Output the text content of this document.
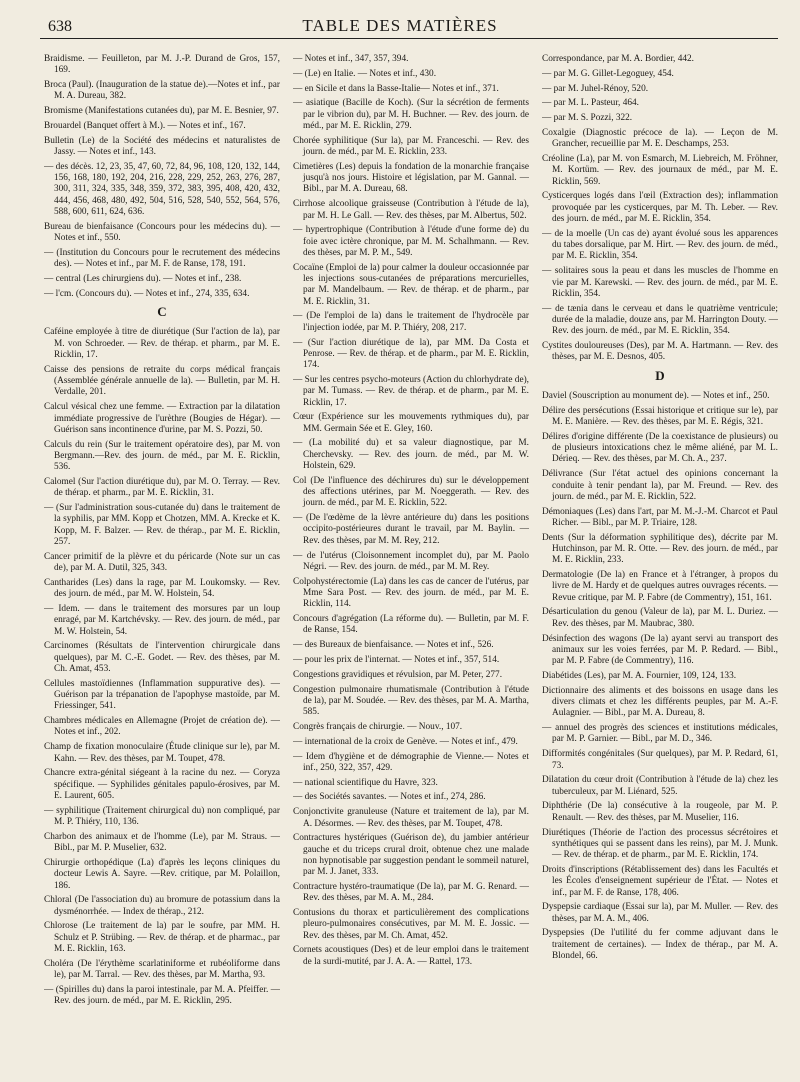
638	TABLE DES MATIÈRES
Braidisme. — Feuilleton, par M. J.-P. Durand de Gros, 157, 169.
Broca (Paul). (Inauguration de la statue de).—Notes et inf., par M. A. Dureau, 382.
Bromisme (Manifestations cutanées du), par M. E. Besnier, 97.
Brouardel (Banquet offert à M.). — Notes et inf., 167.
Bulletin (Le) de la Société des médecins et naturalistes de Jassy. — Notes et inf., 143.
— des décès. 12, 23, 35, 47, 60, 72, 84, 96, 108, 120, 132, 144, 156, 168, 180, 192, 204, 216, 228, 229, 252, 263, 276, 287, 300, 311, 324, 335, 348, 359, 372, 383, 395, 408, 420, 432, 444, 456, 468, 480, 492, 504, 516, 528, 540, 552, 564, 576, 588, 600, 611, 624, 636.
Bureau de bienfaisance (Concours pour les médecins du). — Notes et inf., 550.
— (Institution du Concours pour le recrutement des médecins des). — Notes et inf., par M. F. de Ranse, 178, 191.
— central (Les chirurgiens du). — Notes et inf., 238.
— l'cm. (Concours du). — Notes et inf., 274, 335, 634.
C
Caféine employée à titre de diurétique (Sur l'action de la), par M. von Schroeder. — Rev. de thérap. et pharm., par M. E. Ricklin, 17.
Caisse des pensions de retraite du corps médical français (Assemblée générale annuelle de la). — Bulletin, par M. H. Verdalle, 201.
Calcul vésical chez une femme. — Extraction par la dilatation immédiate progressive de l'urèthre (Bougies de Hégar). — Guérison sans incontinence d'urine, par M. S. Pozzi, 50.
Calculs du rein (Sur le traitement opératoire des), par M. von Bergmann.—Rev. des journ. de méd., par M. E. Ricklin, 536.
Calomel (Sur l'action diurétique du), par M. O. Terray. — Rev. de thérap. et pharm., par M. E. Ricklin, 31.
— (Sur l'administration sous-cutanée du) dans le traitement de la syphilis, par MM. Kopp et Chotzen, MM. A. Krecke et K. Kopp, M. F. Balzer. — Rev. de thérap., par M. E. Ricklin, 257.
Cancer primitif de la plèvre et du péricarde (Note sur un cas de), par M. A. Dutil, 325, 343.
Cantharides (Les) dans la rage, par M. Loukomsky. — Rev. des journ. de méd., par M. W. Holstein, 54.
— Idem. — dans le traitement des morsures par un loup enragé, par M. Kartchévsky. — Rev. des journ. de méd., par M. W. Holstein, 54.
Carcinomes (Résultats de l'intervention chirurgicale dans quelques), par M. C.-E. Godet. — Rev. des thèses, par M. Ch. Amat, 453.
Cellules mastoïdiennes (Inflammation suppurative des). — Guérison par la trépanation de l'apophyse mastoïde, par M. Friessinger, 541.
Chambres médicales en Allemagne (Projet de création de). — Notes et inf., 202.
Champ de fixation monoculaire (Étude clinique sur le), par M. Kahn. — Rev. des thèses, par M. Toupet, 478.
Chancre extra-génital siégeant à la racine du nez. — Coryza spécifique. — Syphilides génitales papulo-érosives, par M. E. Laurent, 605.
— syphilitique (Traitement chirurgical du) non compliqué, par M. P. Thiéry, 110, 136.
Charbon des animaux et de l'homme (Le), par M. Straus. — Bibl., par M. P. Muselier, 632.
Chirurgie orthopédique (La) d'après les leçons cliniques du docteur Lewis A. Sayre. —Rev. critique, par M. Polaillon, 186.
Chloral (De l'association du) au bromure de potassium dans la dysménorrhée. — Index de thérap., 212.
Chlorose (Le traitement de la) par le soufre, par MM. H. Schulz et P. Strübing. — Rev. de thérap. et de pharmac., par M. E. Ricklin, 163.
Choléra (De l'érythème scarlatiniforme et rubéoliforme dans le), par M. Tarral. — Rev. des thèses, par M. Martha, 93.
— (Spirilles du) dans la paroi intestinale, par M. A. Pfeiffer. — Rev. des journ. de méd., par M. E. Ricklin, 295.
— Notes et inf., 347, 357, 394.
— (Le) en Italie. — Notes et inf., 430.
— en Sicile et dans la Basse-Italie— Notes et inf., 371.
— asiatique (Bacille de Koch). (Sur la sécrétion de ferments par le vibrion du), par M. H. Buchner. — Rev. des journ. de méd., par M. E. Ricklin, 279.
Chorée syphilitique (Sur la), par M. Franceschi. — Rev. des journ. de méd., par M. E. Ricklin, 233.
Cimetières (Les) depuis la fondation de la monarchie française jusqu'à nos jours. Histoire et législation, par M. Gannal. — Bibl., par M. A. Dureau, 68.
Cirrhose alcoolique graisseuse (Contribution à l'étude de la), par M. H. Le Gall. — Rev. des thèses, par M. Albertus, 502.
— hypertrophique (Contribution à l'étude d'une forme de) du foie avec ictère chronique, par M. M. Schalhmann. — Rev. des thèses, par M. P. M., 549.
Cocaïne (Emploi de la) pour calmer la douleur occasionnée par les injections sous-cutanées de préparations mercurielles, par M. Mandelbaum. — Rev. de thérap. et de pharm., par M. E. Ricklin, 31.
— (De l'emploi de la) dans le traitement de l'hydrocèle par l'injection iodée, par M. P. Thiéry, 208, 217.
— (Sur l'action diurétique de la), par MM. Da Costa et Penrose. — Rev. de thérap. et de pharm., par M. E. Ricklin, 174.
— Sur les centres psycho-moteurs (Action du chlorhydrate de), par M. Tumass. — Rev. de thérap. et de pharm., par M. E. Ricklin, 17.
Cœur (Expérience sur les mouvements rythmiques du), par MM. Germain Sée et E. Gley, 160.
— (La mobilité du) et sa valeur diagnostique, par M. Cherchevsky. — Rev. des journ. de méd., par M. W. Holstein, 629.
Col (De l'influence des déchirures du) sur le développement des affections utérines, par M. Noeggerath. — Rev. des journ. de méd., par M. E. Ricklin, 522.
— (De l'œdème de la lèvre antérieure du) dans les positions occipito-postérieures durant le travail, par M. Baylin. — Rev. des thèses, par M. M. Rey, 212.
— de l'utérus (Cloisonnement incomplet du), par M. Paolo Négri. — Rev. des journ. de méd., par M. M. Rey.
Colpohystérectomie (La) dans les cas de cancer de l'utérus, par Mme Sara Post. — Rev. des journ. de méd., par M. E. Ricklin, 114.
Concours d'agrégation (La réforme du). — Bulletin, par M. F. de Ranse, 154.
— des Bureaux de bienfaisance. — Notes et inf., 526.
— pour les prix de l'internat. — Notes et inf., 357, 514.
Congestions gravidiques et révulsion, par M. Peter, 277.
Congestion pulmonaire rhumatismale (Contribution à l'étude de la), par M. Soudée. — Rev. des thèses, par M. A. Martha, 585.
Congrès français de chirurgie. — Nouv., 107.
— international de la croix de Genève. — Notes et inf., 479.
— Idem d'hygiène et de démographie de Vienne.— Notes et inf., 250, 322, 357, 429.
— national scientifique du Havre, 323.
— des Sociétés savantes. — Notes et inf., 274, 286.
Conjonctivite granuleuse (Nature et traitement de la), par M. A. Désormes. — Rev. des thèses, par M. Toupet, 478.
Contractures hystériques (Guérison de), du jambier antérieur gauche et du triceps crural droit, obtenue chez une malade non hypnotisable par suggestion pendant le sommeil naturel, par M. J. Janet, 333.
Contracture hystéro-traumatique (De la), par M. G. Renard. — Rev. des thèses, par M. A. M., 284.
Contusions du thorax et particulièrement des complications pleuro-pulmonaires consécutives, par M. M. E. Jossic. — Rev. des thèses, par M. Ch. Amat, 452.
Cornets acoustiques (Des) et de leur emploi dans le traitement de la surdi-mutité, par J. A. A. — Rattel, 173.
Correspondance, par M. A. Bordier, 442.
— par M. G. Gillet-Legoguey, 454.
— par M. Juhel-Rénoy, 520.
— par M. L. Pasteur, 464.
— par M. S. Pozzi, 322.
Coxalgie (Diagnostic précoce de la). — Leçon de M. Grancher, recueillie par M. E. Deschamps, 253.
Créoline (La), par M. von Esmarch, M. Liebreich, M. Fröhner, M. Kortüm. — Rev. des journaux de méd., par M. E. Ricklin, 569.
Cysticerques logés dans l'œil (Extraction des); inflammation provoquée par les cysticerques, par M. Th. Leber. — Rev. des journ. de méd., par M. E. Ricklin, 354.
— de la moelle (Un cas de) ayant évolué sous les apparences du tabes dorsalique, par M. Hirt. — Rev. des journ. de méd., par M. E. Ricklin, 354.
— solitaires sous la peau et dans les muscles de l'homme en vie par M. Karewski. — Rev. des journ. de méd., par M. E. Ricklin, 354.
— de tænia dans le cerveau et dans le quatrième ventricule; durée de la maladie, douze ans, par M. Harrington Douty. — Rev. des journ. de méd., par M. E. Ricklin, 354.
Cystites douloureuses (Des), par M. A. Hartmann. — Rev. des thèses, par M. E. Desnos, 405.
D
Daviel (Souscription au monument de). — Notes et inf., 250.
Délire des persécutions (Essai historique et critique sur le), par M. E. Manière. — Rev. des thèses, par M. E. Régis, 321.
Délires d'origine différente (De la coexistance de plusieurs) ou de plusieurs intoxications chez le même aliéné, par M. L. Dérieq. — Rev. des thèses, par M. Ch. A., 237.
Délivrance (Sur l'état actuel des opinions concernant la conduite à tenir pendant la), par M. Freund. — Rev. des journ. de méd., par M. E. Ricklin, 522.
Démoniaques (Les) dans l'art, par M. M.-J.-M. Charcot et Paul Richer. — Bibl., par M. P. Triaire, 128.
Dents (Sur la déformation syphilitique des), décrite par M. Hutchinson, par M. R. Otte. — Rev. des journ. de méd., par M. E. Ricklin, 233.
Dermatologie (De la) en France et à l'étranger, à propos du livre de M. Hardy et de quelques autres ouvrages récents. — Revue critique, par M. P. Fabre (de Commentry), 151, 161.
Désarticulation du genou (Valeur de la), par M. L. Duriez. — Rev. des thèses, par M. Maubrac, 380.
Désinfection des wagons (De la) ayant servi au transport des animaux sur les voies ferrées, par M. P. Redard. — Bibl., par M. P. Fabre (de Commentry), 116.
Diabétides (Les), par M. A. Fournier, 109, 124, 133.
Dictionnaire des aliments et des boissons en usage dans les divers climats et chez les différents peuples, par M. A.-F. Aulagnier. — Bibl., par M. A. Dureau, 8.
— annuel des progrès des sciences et institutions médicales, par M. P. Garnier. — Bibl., par M. D., 346.
Difformités congénitales (Sur quelques), par M. P. Redard, 61, 73.
Dilatation du cœur droit (Contribution à l'étude de la) chez les tuberculeux, par M. Liénard, 525.
Diphthérie (De la) consécutive à la rougeole, par M. P. Renault. — Rev. des thèses, par M. Muselier, 116.
Diurétiques (Théorie de l'action des processus sécrétoires et synthétiques qui se passent dans les reins), par M. J. Munk. — Rev. de thérap. et de pharm., par M. E. Ricklin, 174.
Droits d'inscriptions (Rétablissement des) dans les Facultés et les Écoles d'enseignement supérieur de l'État. — Notes et inf., par M. F. de Ranse, 178, 406.
Dyspepsie cardiaque (Essai sur la), par M. Muller. — Rev. des thèses, par M. A. M., 406.
Dyspepsies (De l'utilité du fer comme adjuvant dans le traitement de certaines). — Index de thérap., par M. A. Blondel, 66.
